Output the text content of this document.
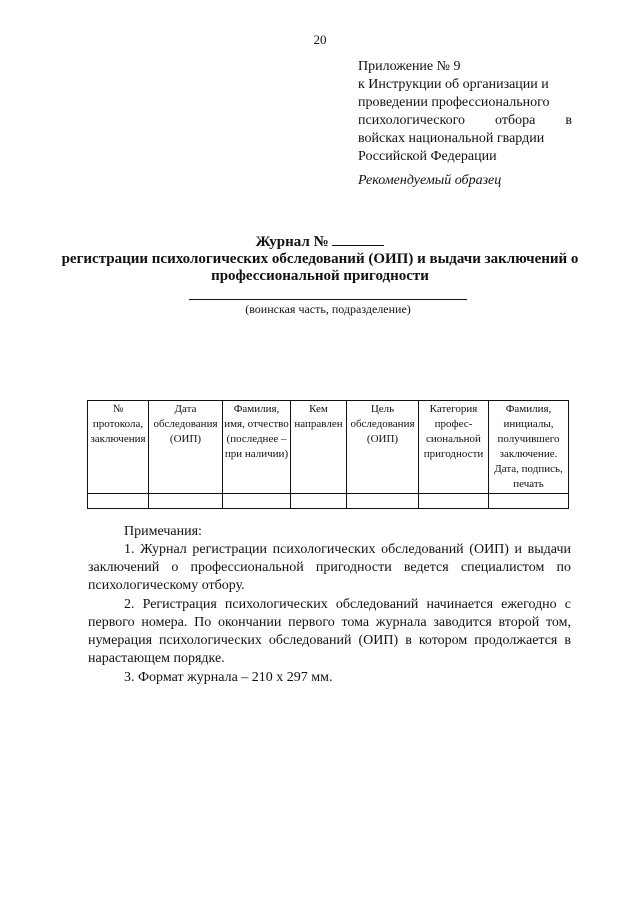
20
Приложение № 9
к Инструкции об организации и
проведении профессионального
психологического отбора в
войсках национальной гвардии
Российской Федерации
Рекомендуемый образец
Журнал №
регистрации психологических обследований (ОИП) и выдачи заключений о профессиональной пригодности
(воинская часть, подразделение)
№ протокола, заключения	Дата обследования (ОИП)	Фамилия, имя, отчество (последнее – при наличии)	Кем направлен	Цель обследования (ОИП)	Категория профес-сиональной пригодности	Фамилия, инициалы, получившего заключение. Дата, подпись, печать

Примечания:

1. Журнал регистрации психологических обследований (ОИП) и выдачи заключений о профессиональной пригодности ведется специалистом по психологическому отбору.

2. Регистрация психологических обследований начинается ежегодно с первого номера. По окончании первого тома журнала заводится второй том, нумерация психологических обследований (ОИП) в котором продолжается в нарастающем порядке.

3. Формат журнала – 210 х 297 мм.
